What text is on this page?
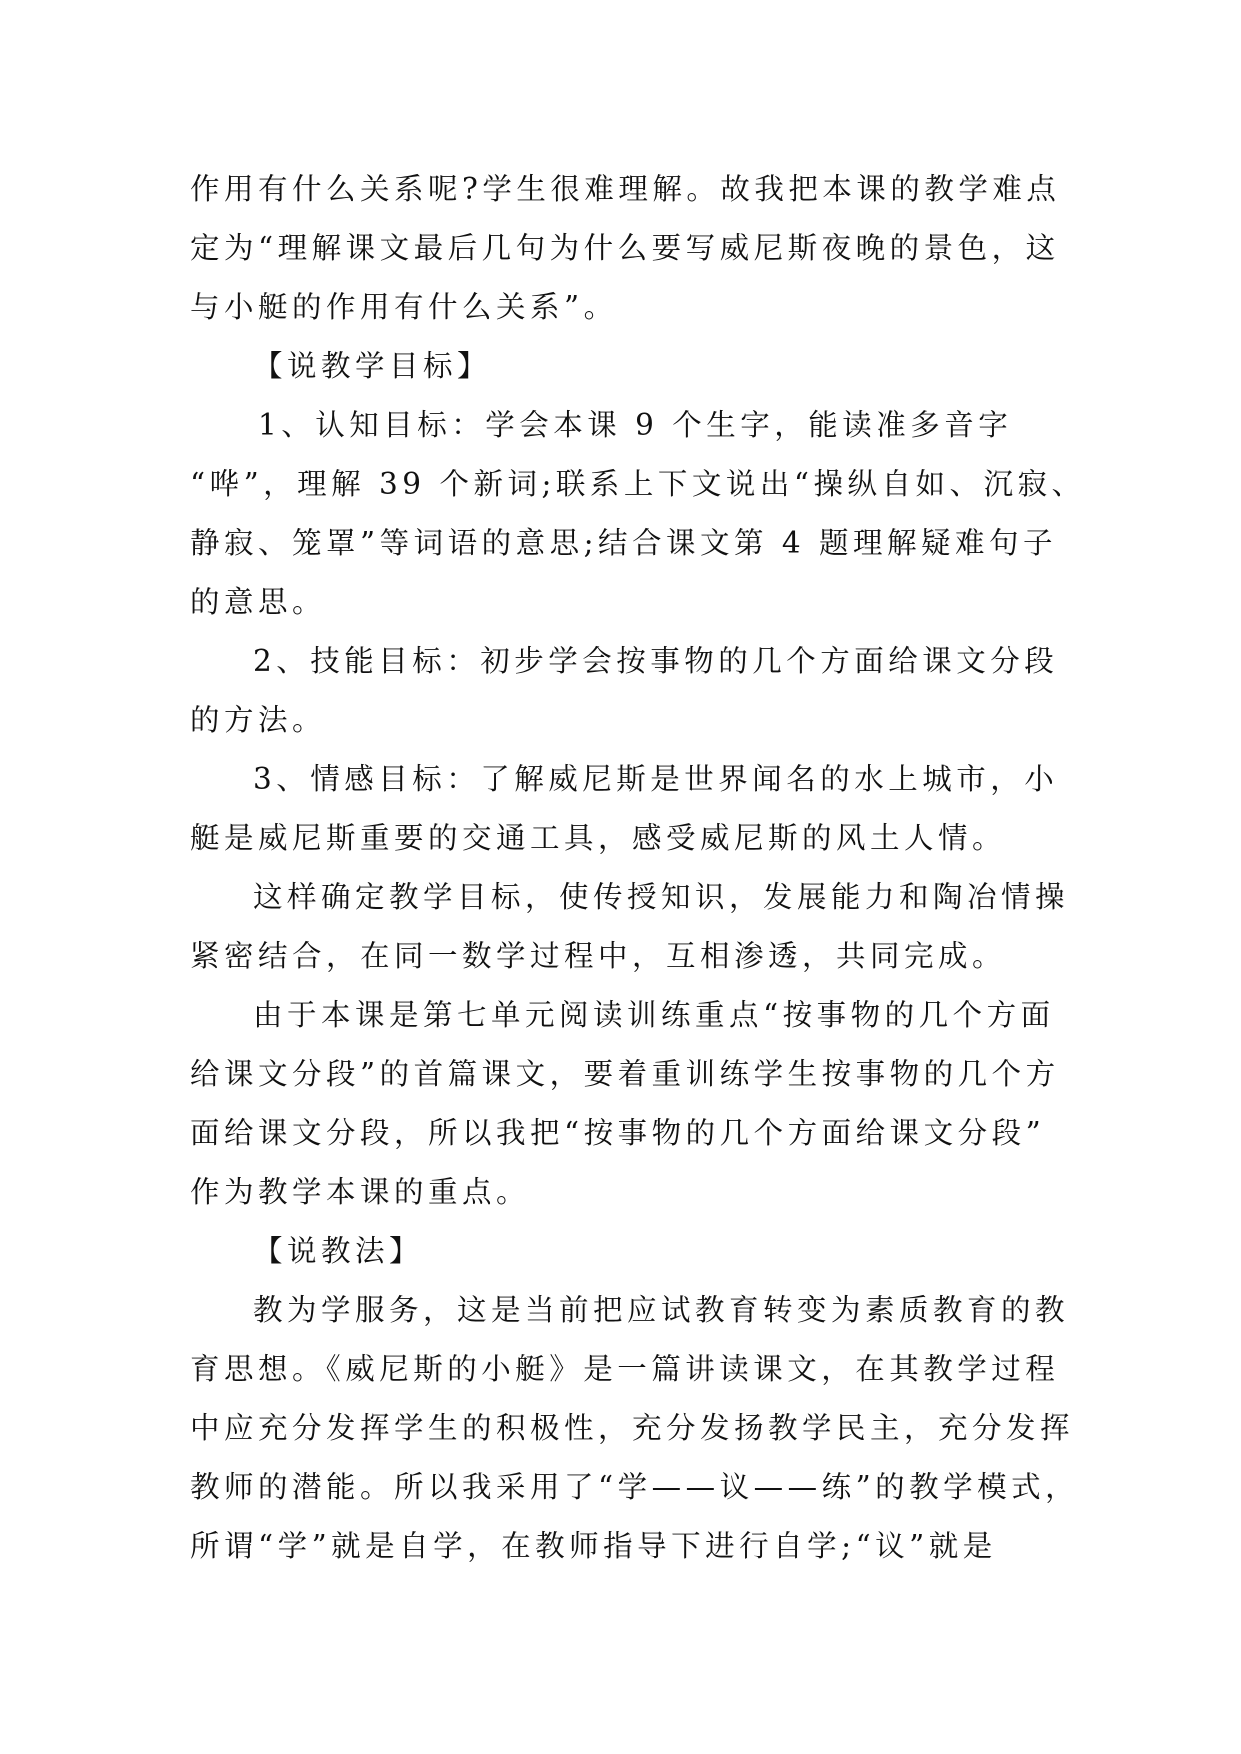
作用有什么关系呢?学生很难理解。故我把本课的教学难点
定为“理解课文最后几句为什么要写威尼斯夜晚的景色，这
与小艇的作用有什么关系”。
【说教学目标】
1、认知目标：学会本课 9 个生字，能读准多音字
“哗”，理解 39 个新词;联系上下文说出“操纵自如、沉寂、
静寂、笼罩”等词语的意思;结合课文第 4 题理解疑难句子
的意思。
2、技能目标：初步学会按事物的几个方面给课文分段
的方法。
3、情感目标：了解威尼斯是世界闻名的水上城市，小
艇是威尼斯重要的交通工具，感受威尼斯的风土人情。
这样确定教学目标，使传授知识，发展能力和陶冶情操
紧密结合，在同一数学过程中，互相渗透，共同完成。
由于本课是第七单元阅读训练重点“按事物的几个方面
给课文分段”的首篇课文，要着重训练学生按事物的几个方
面给课文分段，所以我把“按事物的几个方面给课文分段”
作为教学本课的重点。
【说教法】
教为学服务，这是当前把应试教育转变为素质教育的教
育思想。《威尼斯的小艇》是一篇讲读课文，在其教学过程
中应充分发挥学生的积极性，充分发扬教学民主，充分发挥
教师的潜能。所以我采用了“学——议——练”的教学模式，
所谓“学”就是自学，在教师指导下进行自学;“议”就是
